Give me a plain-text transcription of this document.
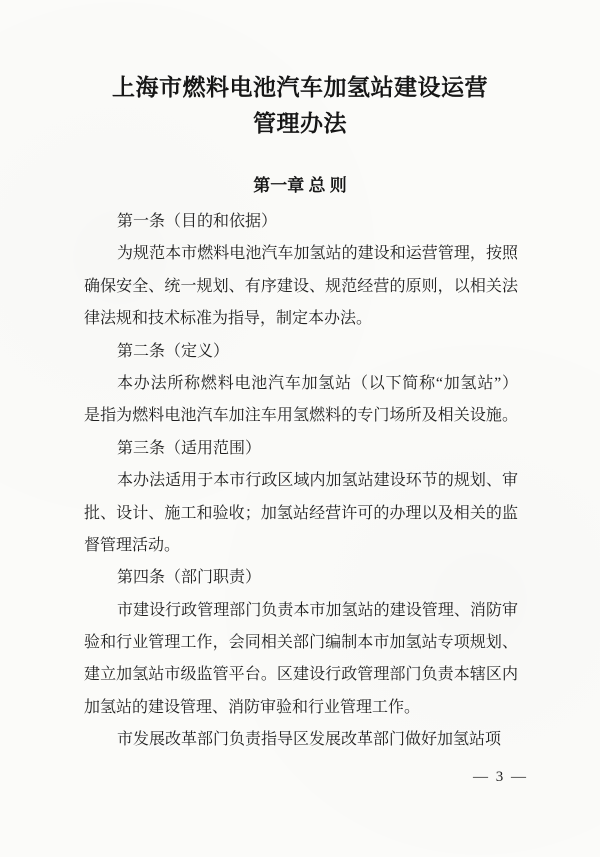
上海市燃料电池汽车加氢站建设运营
管理办法
第一章 总 则
第一条（目的和依据）
为规范本市燃料电池汽车加氢站的建设和运营管理，按照
确保安全、统一规划、有序建设、规范经营的原则，以相关法
律法规和技术标准为指导，制定本办法。
第二条（定义）
本办法所称燃料电池汽车加氢站（以下简称“加氢站”）
是指为燃料电池汽车加注车用氢燃料的专门场所及相关设施。
第三条（适用范围）
本办法适用于本市行政区域内加氢站建设环节的规划、审
批、设计、施工和验收；加氢站经营许可的办理以及相关的监
督管理活动。
第四条（部门职责）
市建设行政管理部门负责本市加氢站的建设管理、消防审
验和行业管理工作，会同相关部门编制本市加氢站专项规划、
建立加氢站市级监管平台。区建设行政管理部门负责本辖区内
加氢站的建设管理、消防审验和行业管理工作。
市发展改革部门负责指导区发展改革部门做好加氢站项
— 3 —
